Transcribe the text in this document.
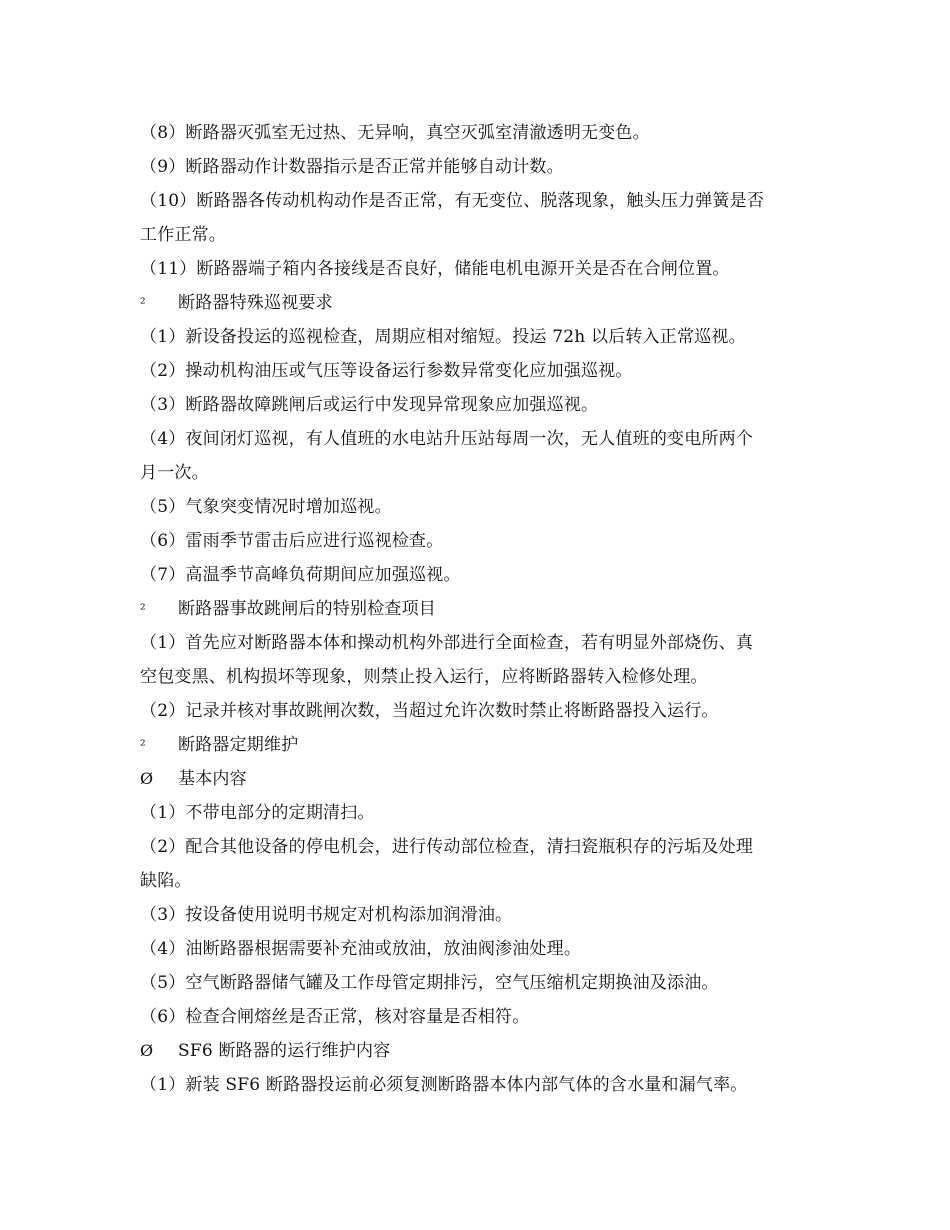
（8）断路器灭弧室无过热、无异响，真空灭弧室清澈透明无变色。
（9）断路器动作计数器指示是否正常并能够自动计数。
（10）断路器各传动机构动作是否正常，有无变位、脱落现象，触头压力弹簧是否
工作正常。
（11）断路器端子箱内各接线是否良好，储能电机电源开关是否在合闸位置。
²	断路器特殊巡视要求
（1）新设备投运的巡视检查，周期应相对缩短。投运 72h 以后转入正常巡视。
（2）操动机构油压或气压等设备运行参数异常变化应加强巡视。
（3）断路器故障跳闸后或运行中发现异常现象应加强巡视。
（4）夜间闭灯巡视，有人值班的水电站升压站每周一次，无人值班的变电所两个
月一次。
（5）气象突变情况时增加巡视。
（6）雷雨季节雷击后应进行巡视检查。
（7）高温季节高峰负荷期间应加强巡视。
²	断路器事故跳闸后的特别检查项目
（1）首先应对断路器本体和操动机构外部进行全面检查，若有明显外部烧伤、真
空包变黑、机构损坏等现象，则禁止投入运行，应将断路器转入检修处理。
（2）记录并核对事故跳闸次数，当超过允许次数时禁止将断路器投入运行。
²	断路器定期维护
Ø	基本内容
（1）不带电部分的定期清扫。
（2）配合其他设备的停电机会，进行传动部位检查，清扫瓷瓶积存的污垢及处理
缺陷。
（3）按设备使用说明书规定对机构添加润滑油。
（4）油断路器根据需要补充油或放油，放油阀渗油处理。
（5）空气断路器储气罐及工作母管定期排污，空气压缩机定期换油及添油。
（6）检查合闸熔丝是否正常，核对容量是否相符。
Ø	SF6 断路器的运行维护内容
（1）新装 SF6 断路器投运前必须复测断路器本体内部气体的含水量和漏气率。
